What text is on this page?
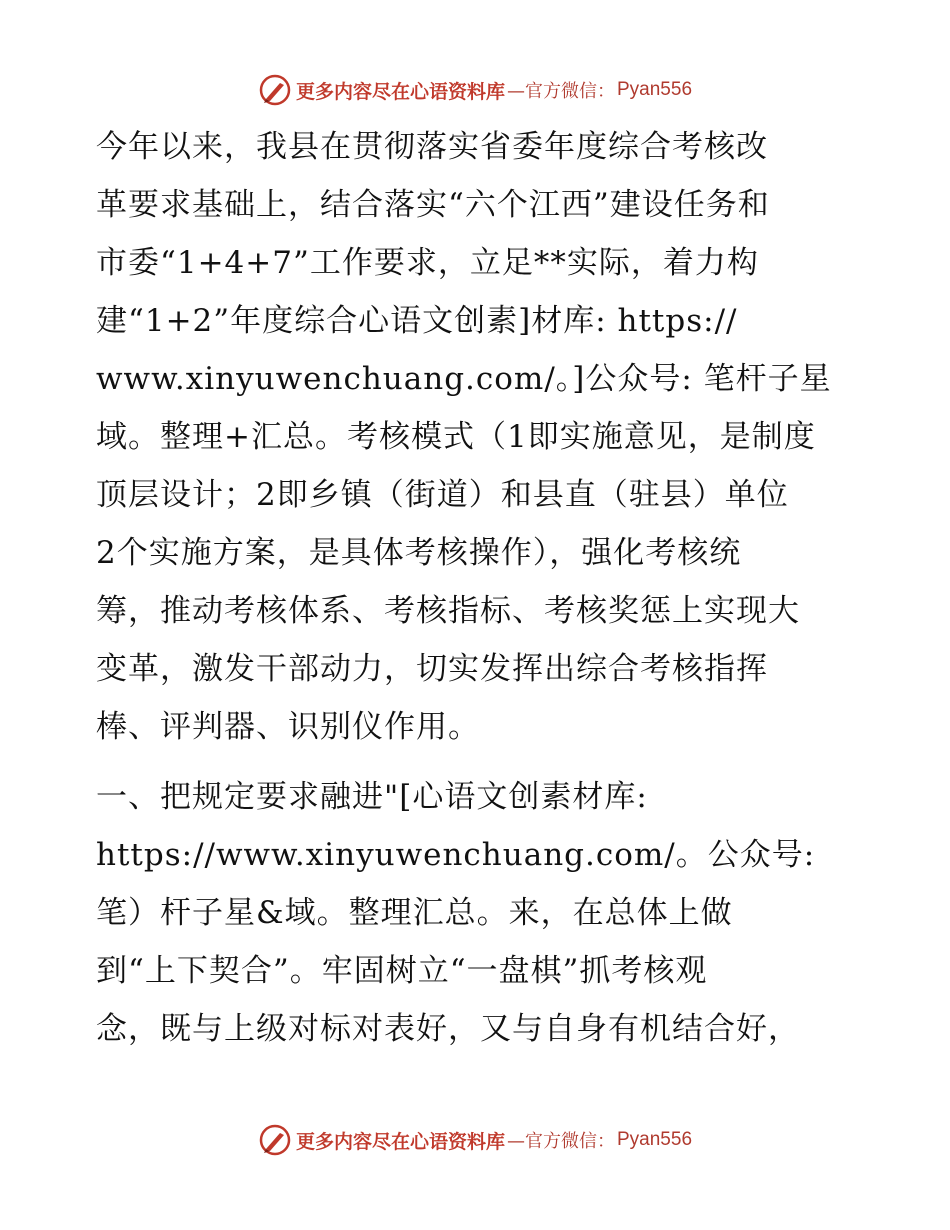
更多内容尽在心语资料库 —官方微信： Pyan556
今年以来，我县在贯彻落实省委年度综合考核改
革要求基础上，结合落实“六个江西”建设任务和
市委“1+4+7”工作要求，立足**实际，着力构
建“1+2”年度综合心语文创素]材库: https://
www.xinyuwenchuang.com/。]公众号: 笔杆子星
域。整理+汇总。考核模式（1即实施意见，是制度
顶层设计；2即乡镇（街道）和县直（驻县）单位
2个实施方案，是具体考核操作），强化考核统
筹，推动考核体系、考核指标、考核奖惩上实现大
变革，激发干部动力，切实发挥出综合考核指挥
棒、评判器、识别仪作用。
一、把规定要求融进"[心语文创素材库:
https://www.xinyuwenchuang.com/。公众号:
笔）杆子星&域。整理汇总。来，在总体上做
到“上下契合”。牢固树立“一盘棋”抓考核观
念，既与上级对标对表好，又与自身有机结合好，
更多内容尽在心语资料库 —官方微信： Pyan556
